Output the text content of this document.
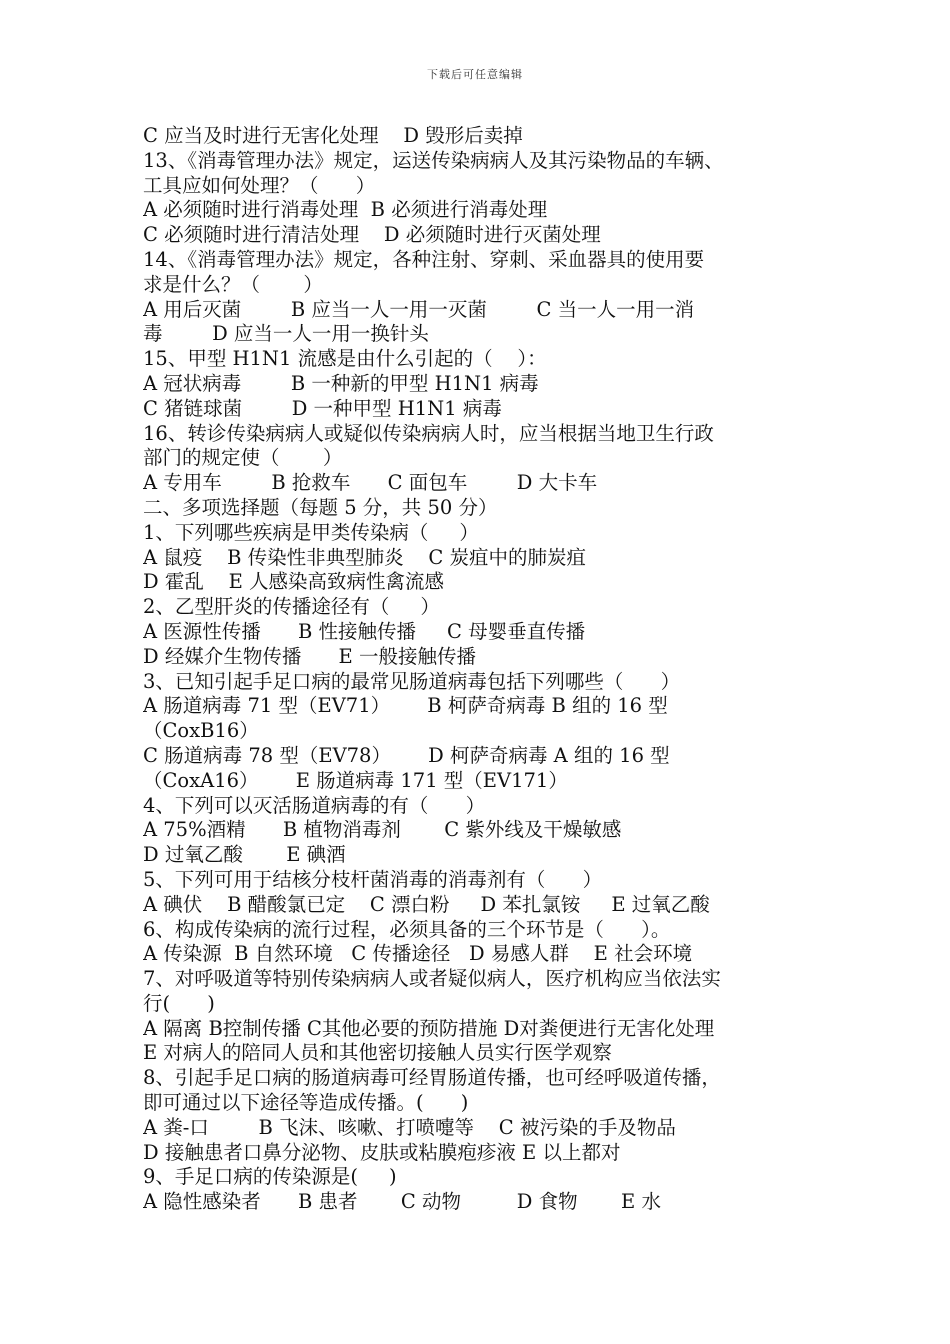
下载后可任意编辑
C 应当及时进行无害化处理    D 毁形后卖掉
13、《消毒管理办法》规定，运送传染病病人及其污染物品的车辆、
工具应如何处理？（      ）
A 必须随时进行消毒处理  B 必须进行消毒处理
C 必须随时进行清洁处理    D 必须随时进行灭菌处理
14、《消毒管理办法》规定，各种注射、穿刺、采血器具的使用要
求是什么？（       ）
A 用后灭菌        B 应当一人一用一灭菌        C 当一人一用一消
毒        D 应当一人一用一换针头
15、甲型 H1N1 流感是由什么引起的（    ）：
A 冠状病毒        B 一种新的甲型 H1N1 病毒
C 猪链球菌        D 一种甲型 H1N1 病毒
16、转诊传染病病人或疑似传染病病人时，应当根据当地卫生行政
部门的规定使（       ）
A 专用车        B 抢救车      C 面包车        D 大卡车
二、多项选择题（每题 5 分，共 50 分）
1、下列哪些疾病是甲类传染病（     ）
A 鼠疫    B 传染性非典型肺炎    C 炭疽中的肺炭疽
D 霍乱    E 人感染高致病性禽流感
2、乙型肝炎的传播途径有（     ）
A 医源性传播      B 性接触传播     C 母婴垂直传播
D 经媒介生物传播      E 一般接触传播
3、已知引起手足口病的最常见肠道病毒包括下列哪些（      ）
A 肠道病毒 71 型（EV71）      B 柯萨奇病毒 B 组的 16 型
（CoxB16）
C 肠道病毒 78 型（EV78）      D 柯萨奇病毒 A 组的 16 型
（CoxA16）      E 肠道病毒 171 型（EV171）
4、下列可以灭活肠道病毒的有（      ）
A 75%酒精      B 植物消毒剂       C 紫外线及干燥敏感
D 过氧乙酸       E 碘酒
5、下列可用于结核分枝杆菌消毒的消毒剂有（      ）
A 碘伏    B 醋酸氯已定    C 漂白粉     D 苯扎氯铵     E 过氧乙酸
6、构成传染病的流行过程，必须具备的三个环节是（      ）。
A 传染源  B 自然环境   C 传播途径   D 易感人群    E 社会环境
7、对呼吸道等特别传染病病人或者疑似病人，医疗机构应当依法实
行(      )
A 隔离 B控制传播 C其他必要的预防措施 D对粪便进行无害化处理
E 对病人的陪同人员和其他密切接触人员实行医学观察
8、引起手足口病的肠道病毒可经胃肠道传播，也可经呼吸道传播，
即可通过以下途径等造成传播。(      )
A 粪-口        B 飞沫、咳嗽、打喷嚏等    C 被污染的手及物品
D 接触患者口鼻分泌物、皮肤或粘膜疱疹液 E 以上都对
9、手足口病的传染源是(     )
A 隐性感染者      B 患者       C 动物         D 食物       E 水
